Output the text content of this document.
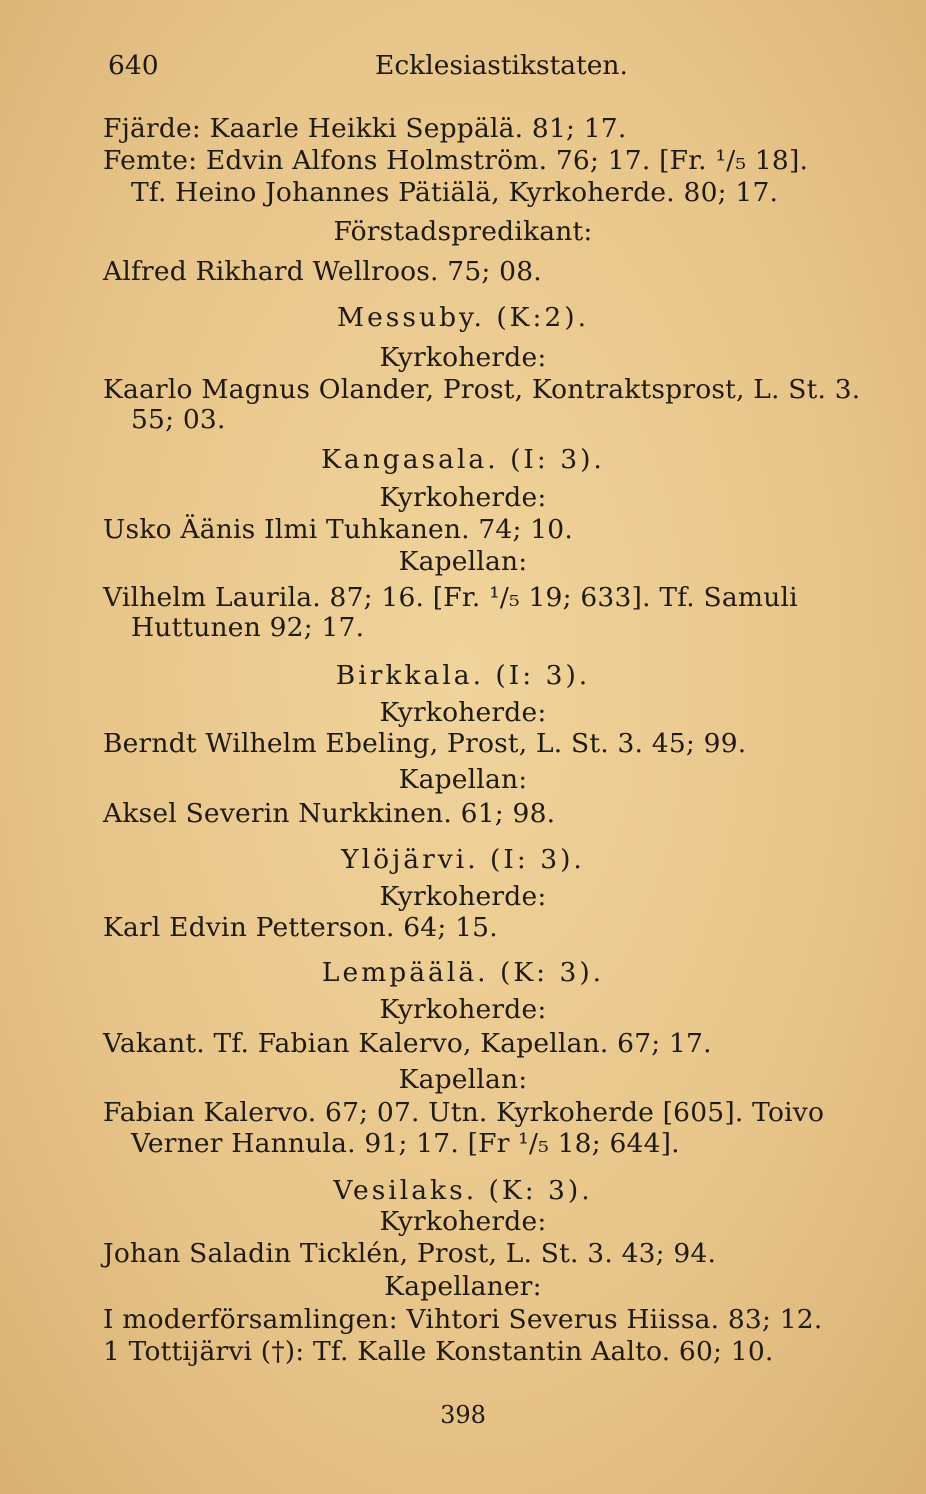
640	Ecklesiastikstaten.
Fjärde: Kaarle Heikki Seppälä. 81; 17.
Femte: Edvin Alfons Holmström. 76; 17. [Fr. ¹/₅ 18].
Tf. Heino Johannes Pätiälä, Kyrkoherde. 80; 17.
Förstadspredikant:
Alfred Rikhard Wellroos. 75; 08.
Messuby. (K:2).
Kyrkoherde:
Kaarlo Magnus Olander, Prost, Kontraktsprost, L. St. 3.
55; 03.
Kangasala. (I: 3).
Kyrkoherde:
Usko Äänis Ilmi Tuhkanen. 74; 10.
Kapellan:
Vilhelm Laurila. 87; 16. [Fr. ¹/₅ 19; 633]. Tf. Samuli
Huttunen 92; 17.
Birkkala. (I: 3).
Kyrkoherde:
Berndt Wilhelm Ebeling, Prost, L. St. 3. 45; 99.
Kapellan:
Aksel Severin Nurkkinen. 61; 98.
Ylöjärvi. (I: 3).
Kyrkoherde:
Karl Edvin Petterson. 64; 15.
Lempäälä. (K: 3).
Kyrkoherde:
Vakant. Tf. Fabian Kalervo, Kapellan. 67; 17.
Kapellan:
Fabian Kalervo. 67; 07. Utn. Kyrkoherde [605]. Toivo
Verner Hannula. 91; 17. [Fr ¹/₅ 18; 644].
Vesilaks. (K: 3).
Kyrkoherde:
Johan Saladin Ticklén, Prost, L. St. 3. 43; 94.
Kapellaner:
I moderförsamlingen: Vihtori Severus Hiissa. 83; 12.
1 Tottijärvi (†): Tf. Kalle Konstantin Aalto. 60; 10.
398
